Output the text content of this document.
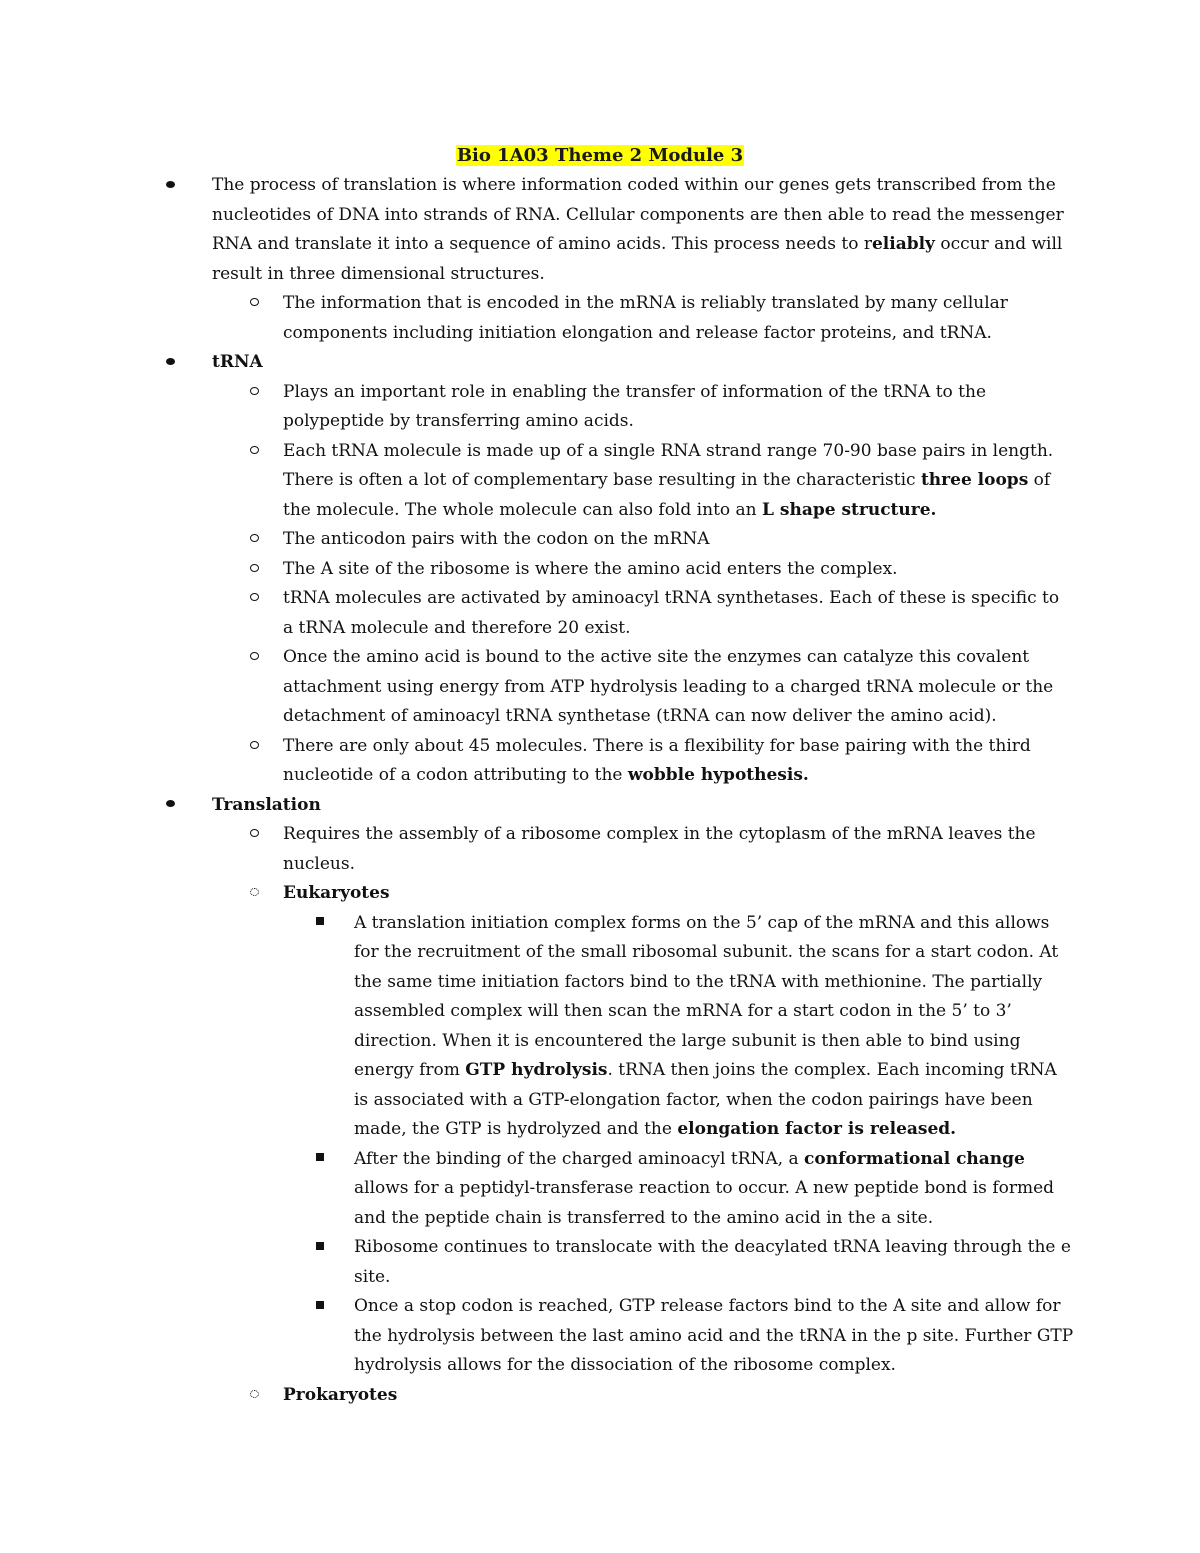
Bio 1A03 Theme 2 Module 3
The process of translation is where information coded within our genes gets transcribed from the nucleotides of DNA into strands of RNA. Cellular components are then able to read the messenger RNA and translate it into a sequence of amino acids. This process needs to reliably occur and will result in three dimensional structures.
The information that is encoded in the mRNA is reliably translated by many cellular components including initiation elongation and release factor proteins, and tRNA.
tRNA
Plays an important role in enabling the transfer of information of the tRNA to the polypeptide by transferring amino acids.
Each tRNA molecule is made up of a single RNA strand range 70-90 base pairs in length. There is often a lot of complementary base resulting in the characteristic three loops of the molecule. The whole molecule can also fold into an L shape structure.
The anticodon pairs with the codon on the mRNA
The A site of the ribosome is where the amino acid enters the complex.
tRNA molecules are activated by aminoacyl tRNA synthetases. Each of these is specific to a tRNA molecule and therefore 20 exist.
Once the amino acid is bound to the active site the enzymes can catalyze this covalent attachment using energy from ATP hydrolysis leading to a charged tRNA molecule or the detachment of aminoacyl tRNA synthetase (tRNA can now deliver the amino acid).
There are only about 45 molecules. There is a flexibility for base pairing with the third nucleotide of a codon attributing to the wobble hypothesis.
Translation
Requires the assembly of a ribosome complex in the cytoplasm of the mRNA leaves the nucleus.
Eukaryotes
A translation initiation complex forms on the 5’ cap of the mRNA and this allows for the recruitment of the small ribosomal subunit. the scans for a start codon. At the same time initiation factors bind to the tRNA with methionine. The partially assembled complex will then scan the mRNA for a start codon in the 5’ to 3’ direction. When it is encountered the large subunit is then able to bind using energy from GTP hydrolysis. tRNA then joins the complex. Each incoming tRNA is associated with a GTP-elongation factor, when the codon pairings have been made, the GTP is hydrolyzed and the elongation factor is released.
After the binding of the charged aminoacyl tRNA, a conformational change allows for a peptidyl-transferase reaction to occur. A new peptide bond is formed and the peptide chain is transferred to the amino acid in the a site.
Ribosome continues to translocate with the deacylated tRNA leaving through the e site.
Once a stop codon is reached, GTP release factors bind to the A site and allow for the hydrolysis between the last amino acid and the tRNA in the p site. Further GTP hydrolysis allows for the dissociation of the ribosome complex.
Prokaryotes
